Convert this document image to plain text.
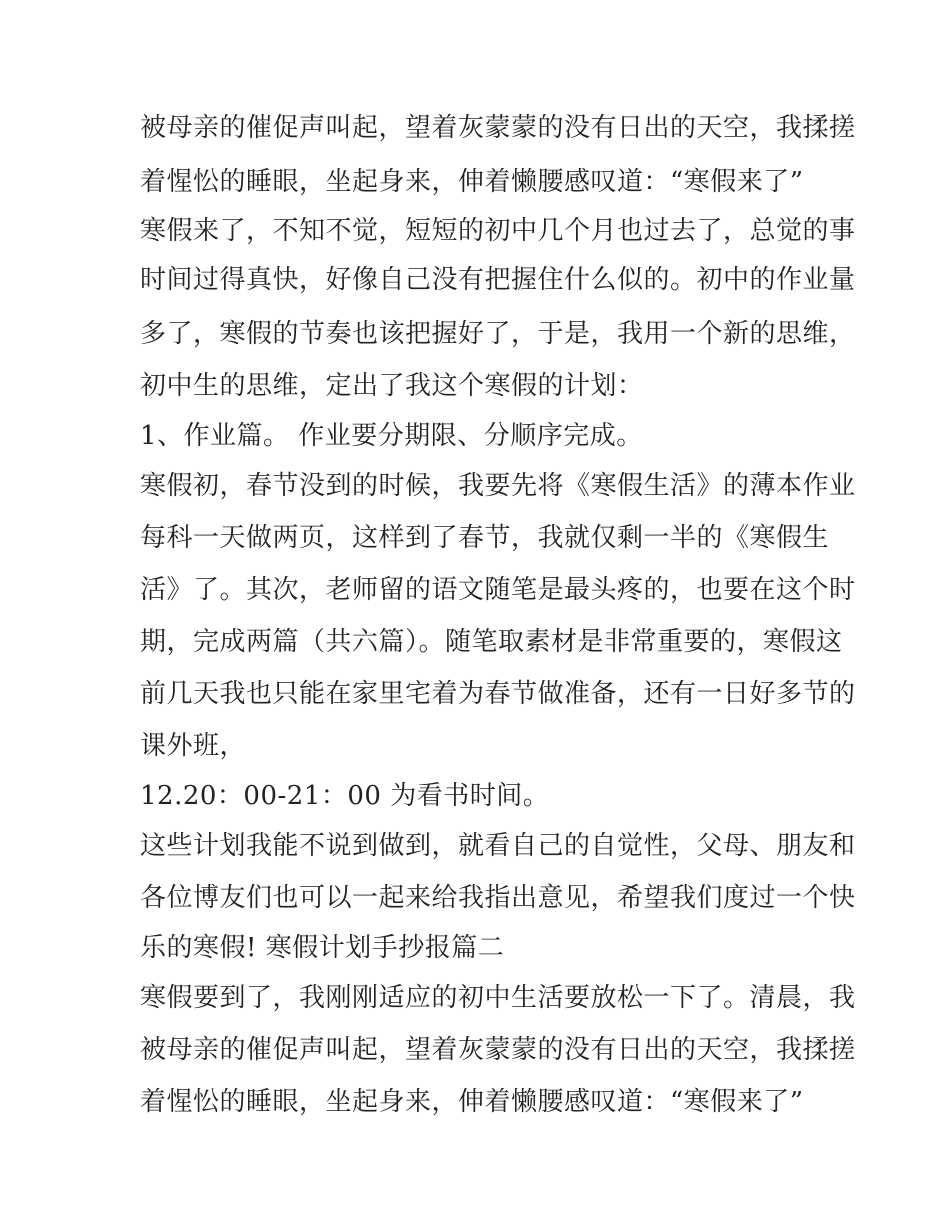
被母亲的催促声叫起，望着灰蒙蒙的没有日出的天空，我揉搓
着惺忪的睡眼，坐起身来，伸着懒腰感叹道：“寒假来了”
寒假来了，不知不觉，短短的初中几个月也过去了，总觉的事
时间过得真快，好像自己没有把握住什么似的。初中的作业量
多了，寒假的节奏也该把握好了，于是，我用一个新的思维，
初中生的思维，定出了我这个寒假的计划：
1、作业篇。 作业要分期限、分顺序完成。
寒假初，春节没到的时候，我要先将《寒假生活》的薄本作业
每科一天做两页，这样到了春节，我就仅剩一半的《寒假生
活》了。其次，老师留的语文随笔是最头疼的，也要在这个时
期，完成两篇（共六篇）。随笔取素材是非常重要的，寒假这
前几天我也只能在家里宅着为春节做准备，还有一日好多节的
课外班，
12.20：00-21：00 为看书时间。
这些计划我能不说到做到，就看自己的自觉性，父母、朋友和
各位博友们也可以一起来给我指出意见，希望我们度过一个快
乐的寒假! 寒假计划手抄报篇二
寒假要到了，我刚刚适应的初中生活要放松一下了。清晨，我
被母亲的催促声叫起，望着灰蒙蒙的没有日出的天空，我揉搓
着惺忪的睡眼，坐起身来，伸着懒腰感叹道：“寒假来了”
